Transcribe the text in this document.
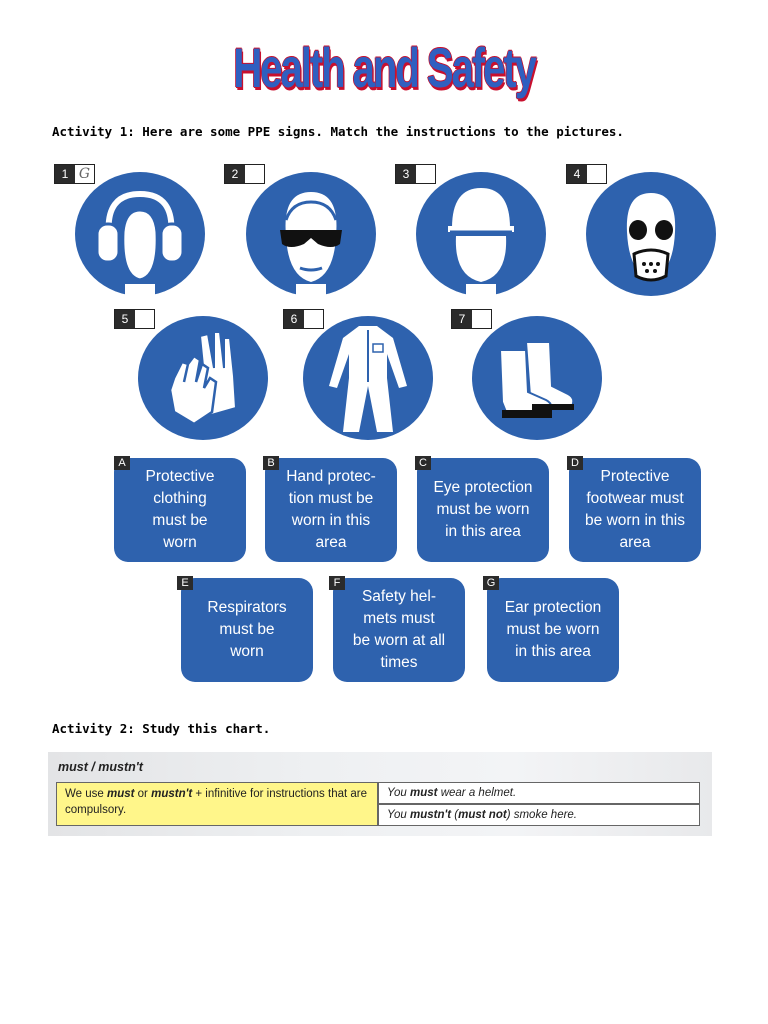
Health and Safety
Activity 1: Here are some PPE signs. Match the instructions to the pictures.
1 G	2	3	4
5	6	7
Protective
clothing
must be
worn
A
Hand protec-
tion must be
worn in this
area
B
Eye protection
must be worn
in this area
C
Protective
footwear must
be worn in this
area
D
Respirators
must be
worn
E
Safety hel-
mets must
be worn at all
times
F
Ear protection
must be worn
in this area
G
Activity 2: Study this chart.
must / mustn't
We use must or mustn't + infinitive for instructions that are compulsory.
You must wear a helmet.
You mustn't (must not) smoke here.
